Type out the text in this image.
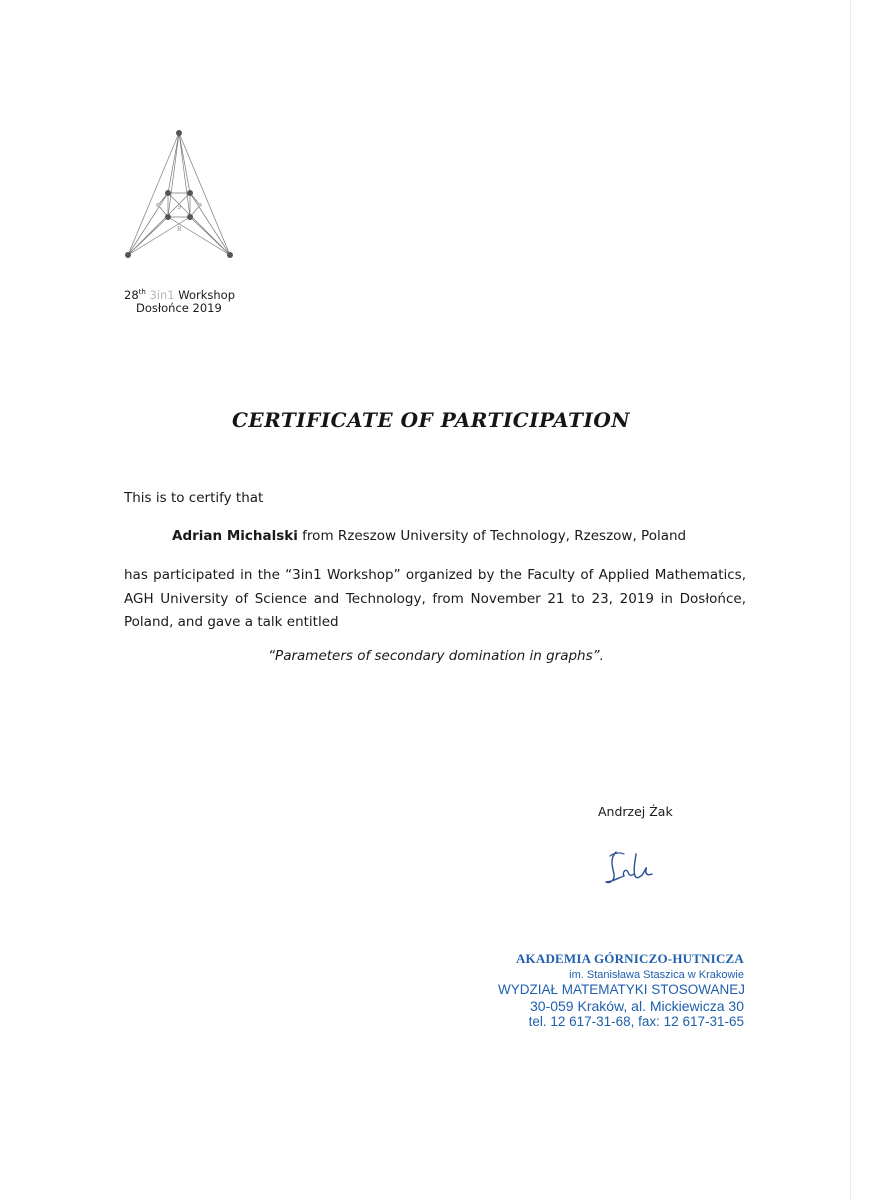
9
8
28th 3in1 Workshop
Dosłońce 2019
CERTIFICATE OF PARTICIPATION
This is to certify that
Adrian Michalski from Rzeszow University of Technology, Rzeszow, Poland
has participated in the “3in1 Workshop” organized by the Faculty of Applied Mathematics, AGH University of Science and Technology, from November 21 to 23, 2019 in Dosłońce, Poland, and gave a talk entitled
“Parameters of secondary domination in graphs”.
Andrzej Żak
AKADEMIA GÓRNICZO-HUTNICZA
im. Stanisława Staszica w Krakowie
WYDZIAŁ MATEMATYKI STOSOWANEJ
30-059 Kraków, al. Mickiewicza 30
tel. 12 617-31-68, fax: 12 617-31-65
